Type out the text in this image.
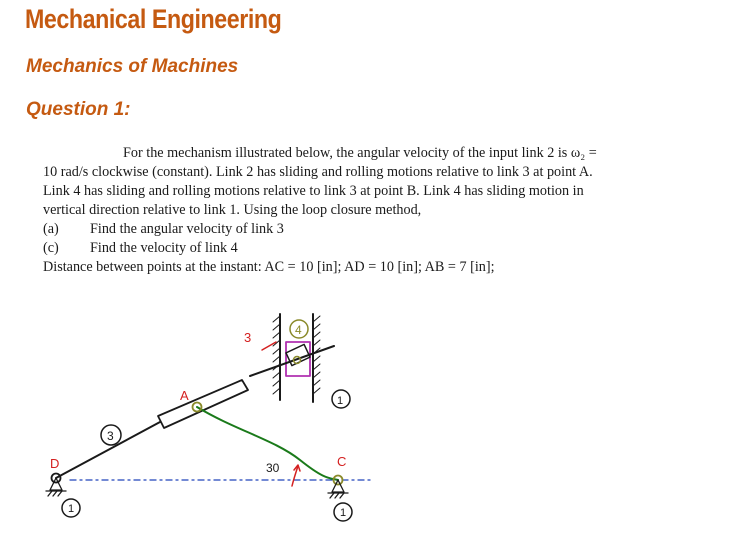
Mechanical Engineering
Mechanics of Machines
Question 1:
For the mechanism illustrated below, the angular velocity of the input link 2 is ω₂ =
10 rad/s clockwise (constant). Link 2 has sliding and rolling motions relative to link 3 at point A.
Link 4 has sliding and rolling motions relative to link 3 at point B. Link 4 has sliding motion in
vertical direction relative to link 1. Using the loop closure method,
(a)	Find the angular velocity of link 3
(c)	Find the velocity of link 4
Distance between points at the instant: AC = 10 [in]; AD = 10 [in]; AB = 7 [in];
3	4
1
A
3
D	30	C
1	1
